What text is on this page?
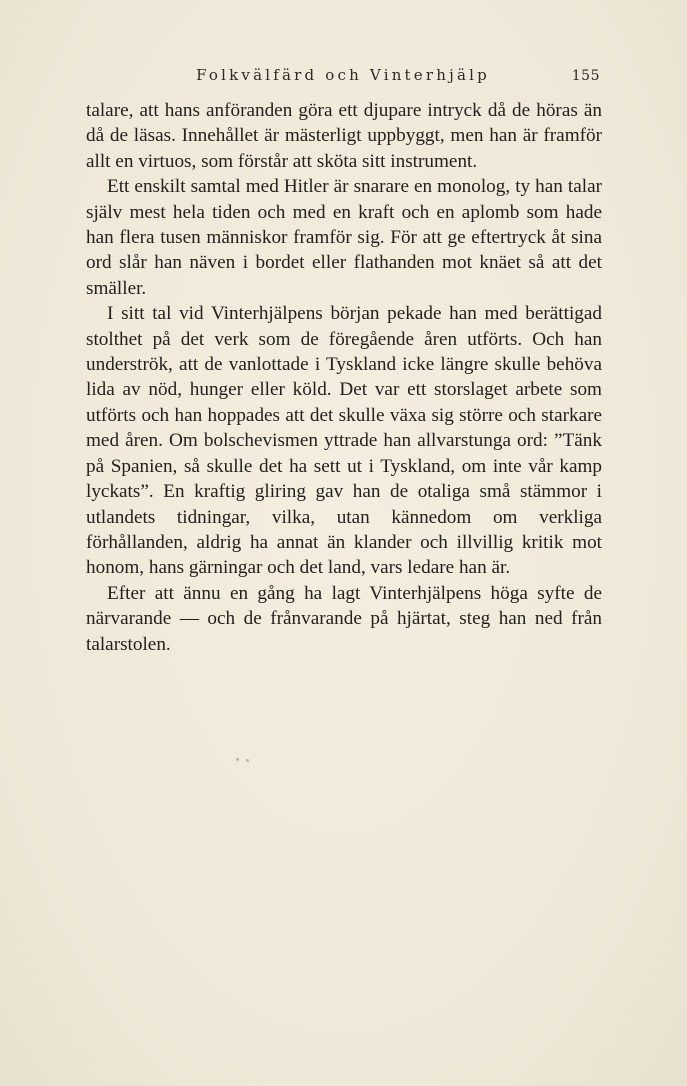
Folkvälfärd och Vinterhjälp	155

talare, att hans anföranden göra ett djupare intryck då de höras än då de läsas. Innehållet är mästerligt uppbyggt, men han är framför allt en virtuos, som förstår att sköta sitt instrument.

Ett enskilt samtal med Hitler är snarare en monolog, ty han talar själv mest hela tiden och med en kraft och en aplomb som hade han flera tusen människor framför sig. För att ge eftertryck åt sina ord slår han näven i bordet eller flathanden mot knäet så att det smäller.

I sitt tal vid Vinterhjälpens början pekade han med berättigad stolthet på det verk som de föregående åren utförts. Och han underströk, att de vanlottade i Tyskland icke längre skulle behöva lida av nöd, hunger eller köld. Det var ett storslaget arbete som utförts och han hoppades att det skulle växa sig större och starkare med åren. Om bolschevismen yttrade han allvarstunga ord: ”Tänk på Spanien, så skulle det ha sett ut i Tyskland, om inte vår kamp lyckats”. En kraftig gliring gav han de otaliga små stämmor i utlandets tidningar, vilka, utan kännedom om verkliga förhållanden, aldrig ha annat än klander och illvillig kritik mot honom, hans gärningar och det land, vars ledare han är.

Efter att ännu en gång ha lagt Vinterhjälpens höga syfte de närvarande — och de frånvarande på hjärtat, steg han ned från talarstolen.
